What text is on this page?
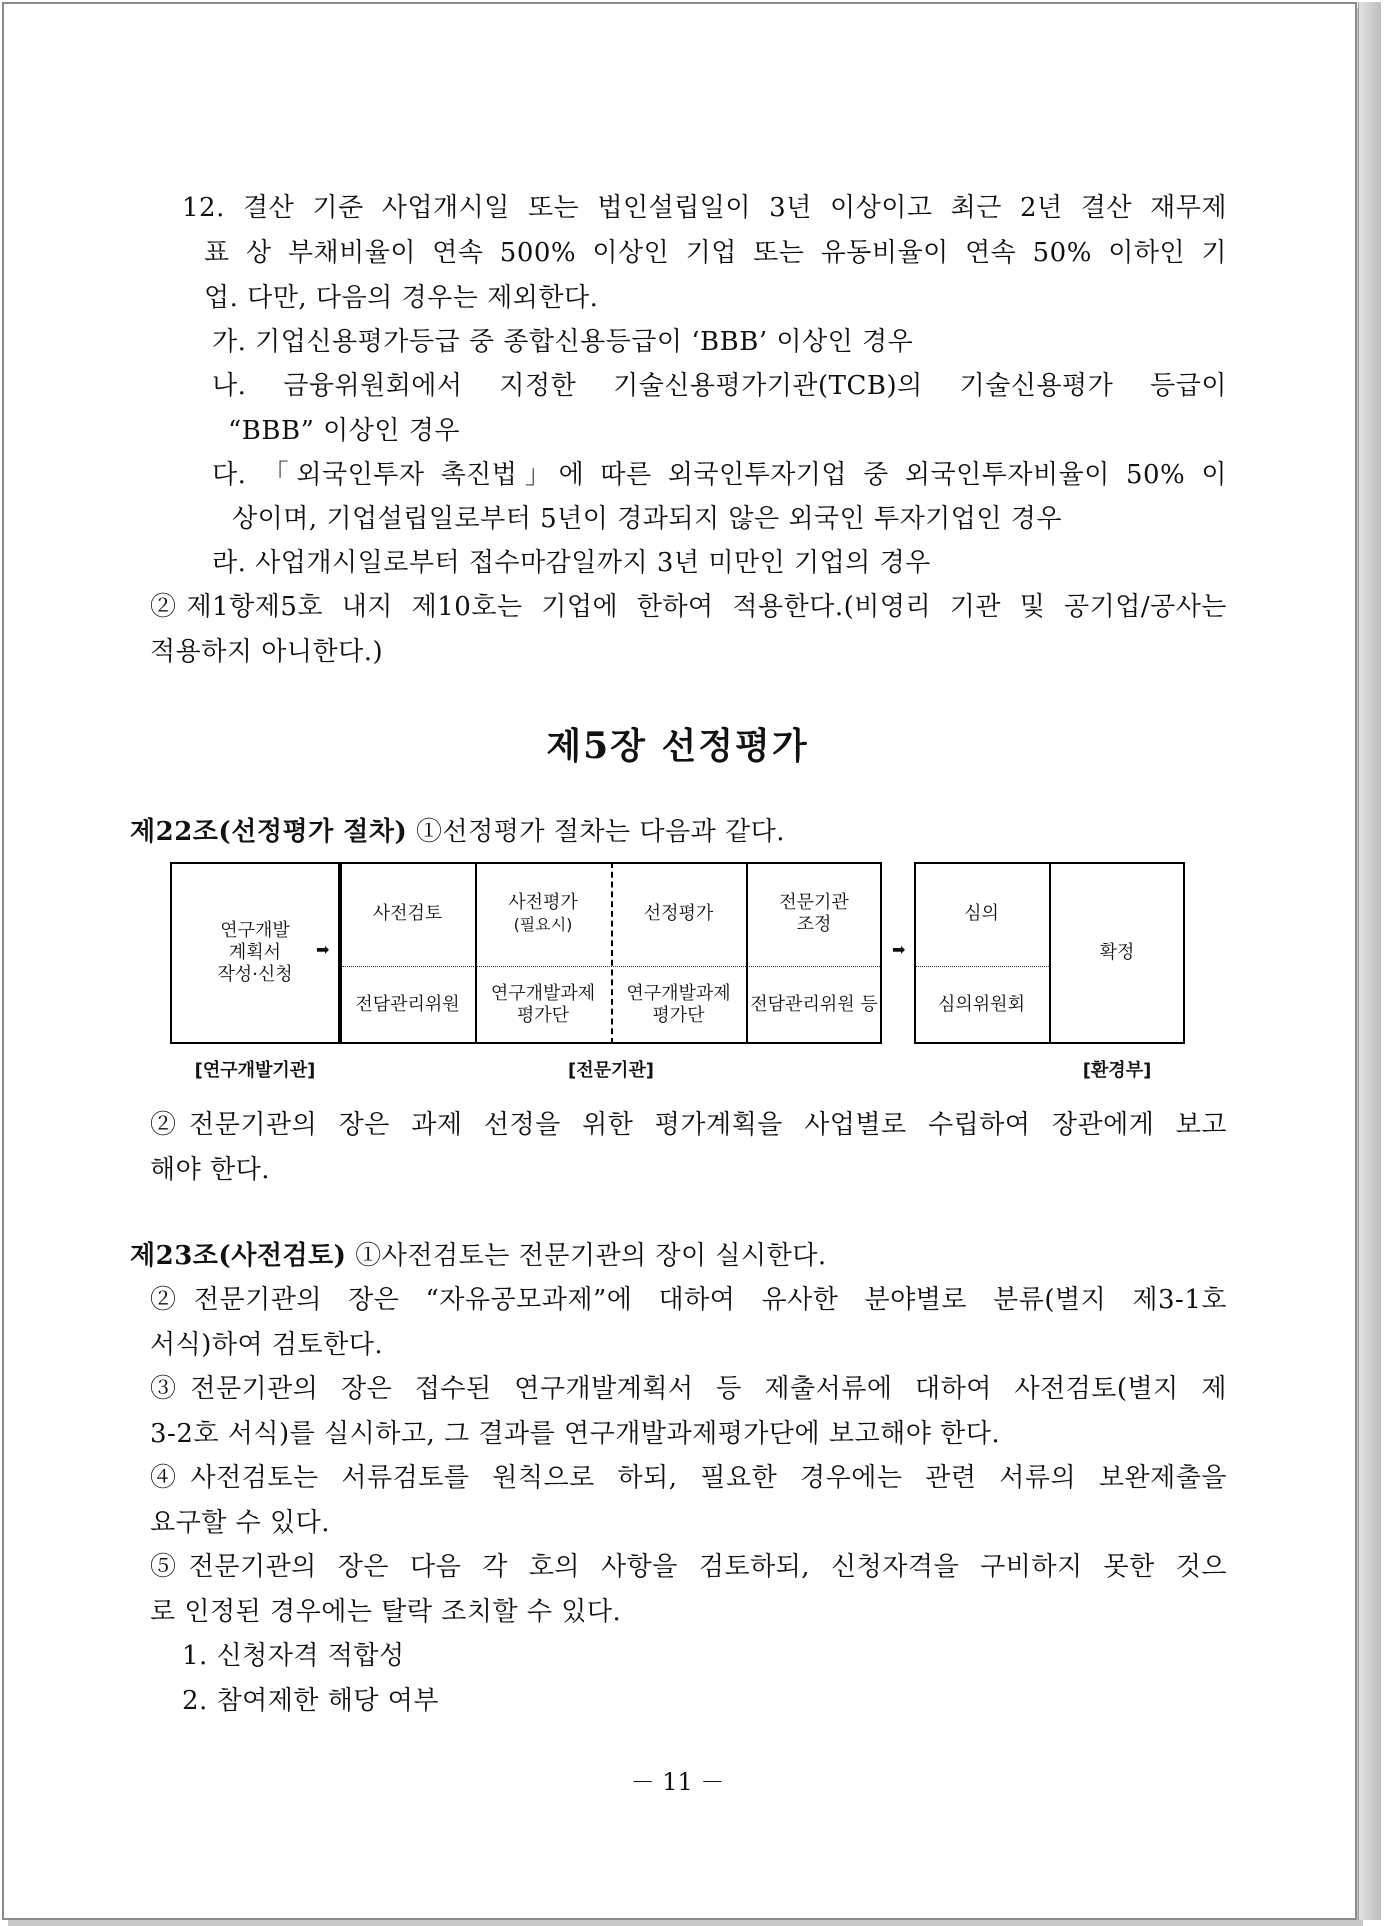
12. 결산 기준 사업개시일 또는 법인설립일이 3년 이상이고 최근 2년 결산 재무제
표 상 부채비율이 연속 500% 이상인 기업 또는 유동비율이 연속 50% 이하인 기
업. 다만, 다음의 경우는 제외한다.
가. 기업신용평가등급 중 종합신용등급이 ‘BBB’ 이상인 경우
나. 금융위원회에서 지정한 기술신용평가기관(TCB)의 기술신용평가 등급이
“BBB” 이상인 경우
다. 「외국인투자 촉진법」에 따른 외국인투자기업 중 외국인투자비율이 50% 이
상이며, 기업설립일로부터 5년이 경과되지 않은 외국인 투자기업인 경우
라. 사업개시일로부터 접수마감일까지 3년 미만인 기업의 경우
②제1항제5호 내지 제10호는 기업에 한하여 적용한다.(비영리 기관 및 공기업/공사는
적용하지 아니한다.)
제5장 선정평가
제22조(선정평가 절차) ①선정평가 절차는 다음과 같다.
연구개발
계획서
작성·신청
➡
사전검토
사전평가
(필요시)
선정평가
전문기관
조정
전담관리위원
연구개발과제
평가단
연구개발과제
평가단
전담관리위원 등
➡
심의
심의위원회
확정
[연구개발기관]	[전문기관]	[환경부]
②전문기관의 장은 과제 선정을 위한 평가계획을 사업별로 수립하여 장관에게 보고
해야 한다.
제23조(사전검토) ①사전검토는 전문기관의 장이 실시한다.
②전문기관의 장은 “자유공모과제”에 대하여 유사한 분야별로 분류(별지 제3-1호
서식)하여 검토한다.
③전문기관의 장은 접수된 연구개발계획서 등 제출서류에 대하여 사전검토(별지 제
3-2호 서식)를 실시하고, 그 결과를 연구개발과제평가단에 보고해야 한다.
④사전검토는 서류검토를 원칙으로 하되, 필요한 경우에는 관련 서류의 보완제출을
요구할 수 있다.
⑤전문기관의 장은 다음 각 호의 사항을 검토하되, 신청자격을 구비하지 못한 것으
로 인정된 경우에는 탈락 조치할 수 있다.
1. 신청자격 적합성
2. 참여제한 해당 여부
－ 11 －
